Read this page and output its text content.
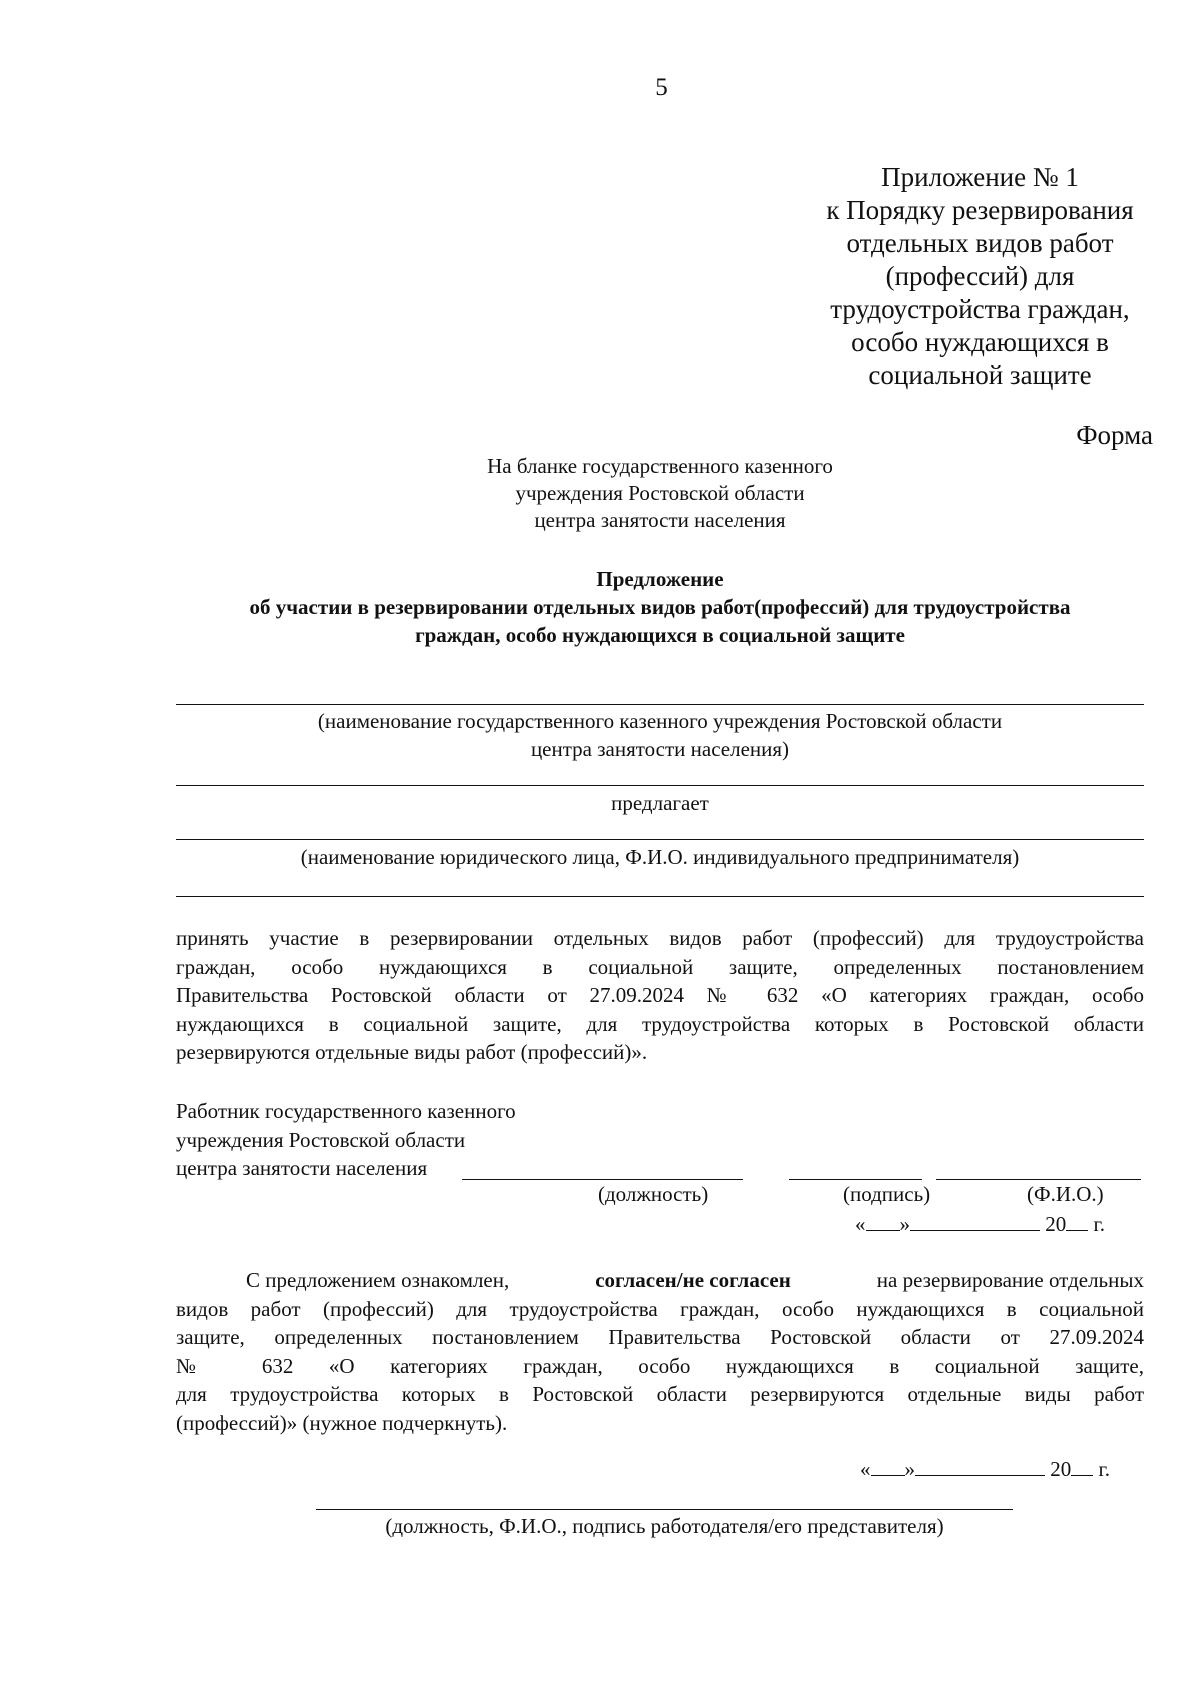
5
Приложение № 1
к Порядку резервирования
отдельных видов работ
(профессий) для
трудоустройства граждан,
особо нуждающихся в
социальной защите
Форма
На бланке государственного казенного
учреждения Ростовской области
центра занятости населения
Предложение
об участии в резервировании отдельных видов работ(профессий) для трудоустройства
граждан, особо нуждающихся в социальной защите
(наименование государственного казенного учреждения Ростовской области
центра занятости населения)
предлагает
(наименование юридического лица, Ф.И.О. индивидуального предпринимателя)
принять участие в резервировании отдельных видов работ (профессий) для трудоустройства
граждан, особо нуждающихся в социальной защите, определенных постановлением
Правительства Ростовской области от 27.09.2024 № 632 «О категориях граждан, особо
нуждающихся в социальной защите, для трудоустройства которых в Ростовской области
резервируются отдельные виды работ (профессий)».
Работник государственного казенного
учреждения Ростовской области
центра занятости населения
(должность)	(подпись)	(Ф.И.О.)
« »	20 г.
С предложением ознакомлен,	согласен/не согласен	на резервирование отдельных
видов работ (профессий) для трудоустройства граждан, особо нуждающихся в социальной
защите, определенных постановлением Правительства Ростовской области от 27.09.2024
№ 632 «О категориях граждан, особо нуждающихся в социальной защите,
для трудоустройства которых в Ростовской области резервируются отдельные виды работ
(профессий)» (нужное подчеркнуть).
« »	20 г.
(должность, Ф.И.О., подпись работодателя/его представителя)
